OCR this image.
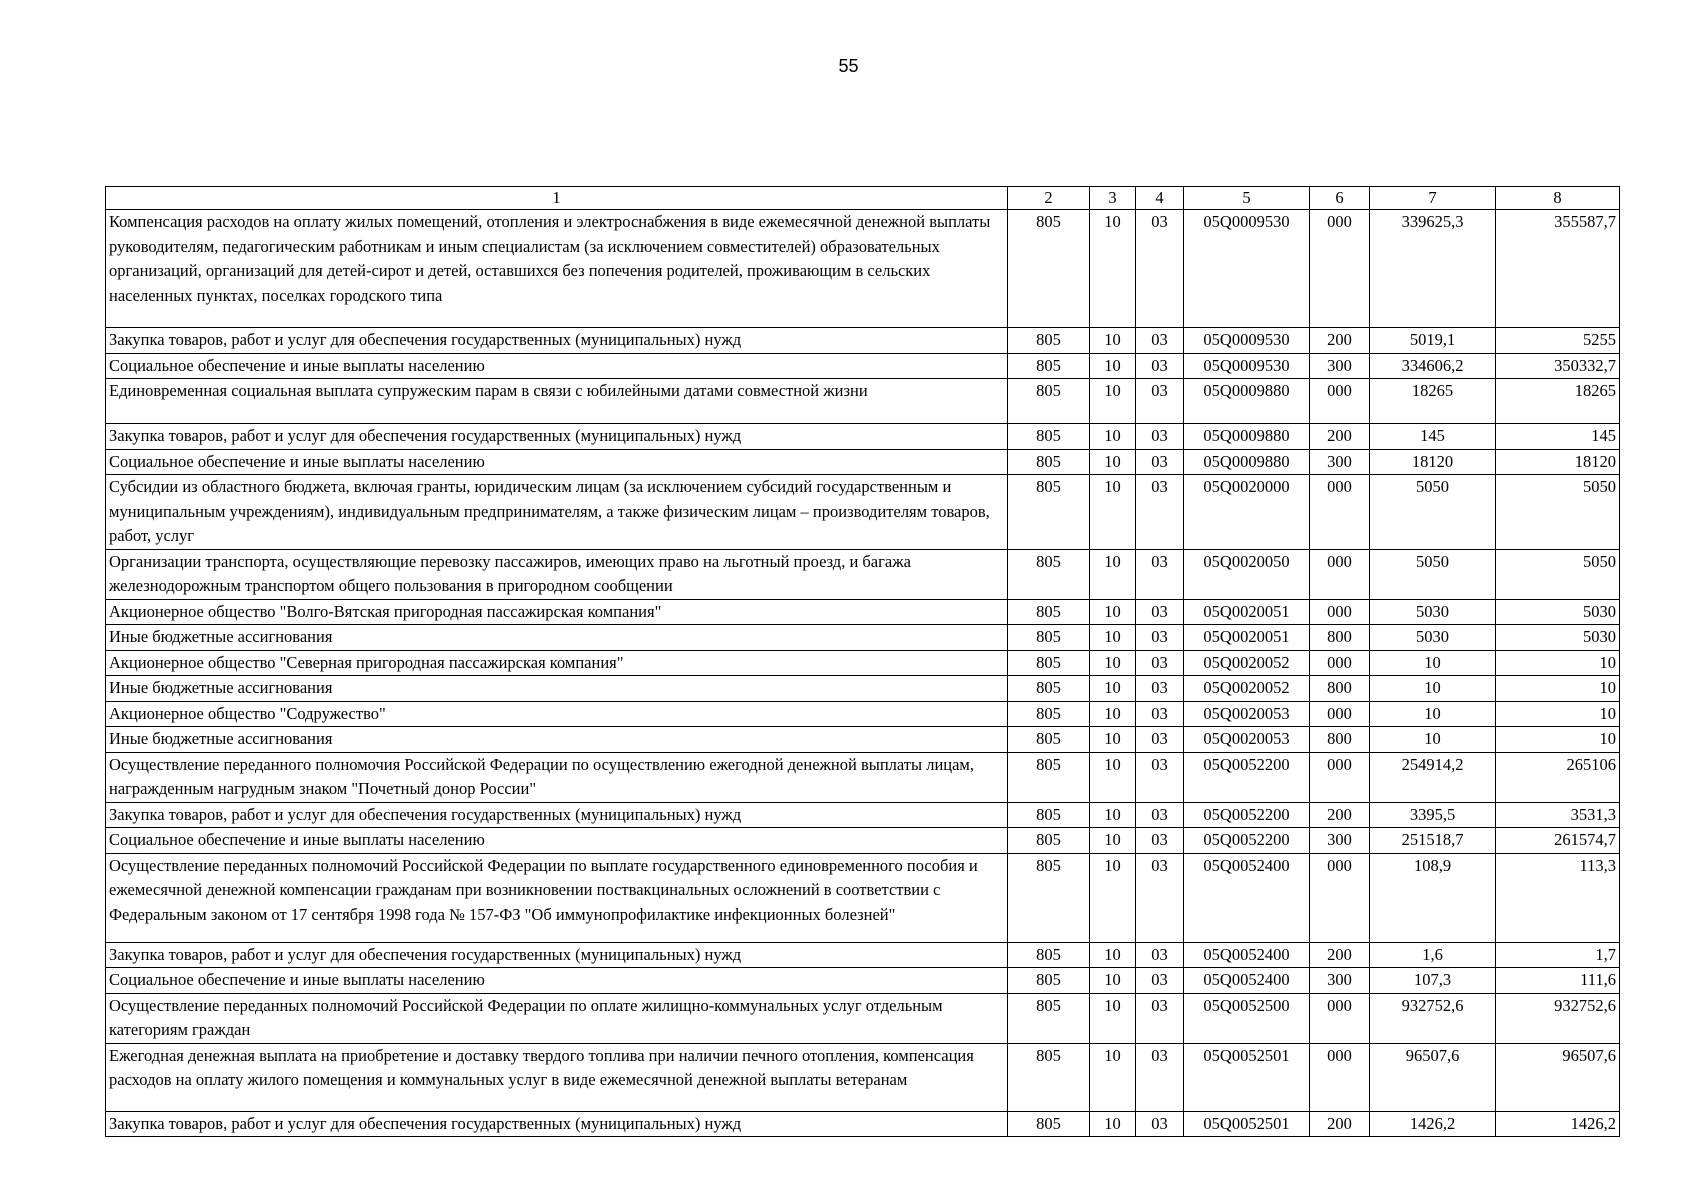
55
1	2	3	4	5	6	7	8
Компенсация расходов на оплату жилых помещений, отопления и электроснабжения в виде ежемесячной денежной выплаты руководителям, педагогическим работникам и иным специалистам (за исключением совместителей) образовательных организаций, организаций для детей-сирот и детей, оставшихся без попечения родителей, проживающим в сельских населенных пунктах, поселках городского типа	805	10	03	05Q0009530	000	339625,3	355587,7
Закупка товаров, работ и услуг для обеспечения государственных (муниципальных) нужд	805	10	03	05Q0009530	200	5019,1	5255
Социальное обеспечение и иные выплаты населению	805	10	03	05Q0009530	300	334606,2	350332,7
Единовременная социальная выплата супружеским парам в связи с юбилейными датами совместной жизни	805	10	03	05Q0009880	000	18265	18265
Закупка товаров, работ и услуг для обеспечения государственных (муниципальных) нужд	805	10	03	05Q0009880	200	145	145
Социальное обеспечение и иные выплаты населению	805	10	03	05Q0009880	300	18120	18120
Субсидии из областного бюджета, включая гранты, юридическим лицам (за исключением субсидий государственным и муниципальным учреждениям), индивидуальным предпринимателям, а также физическим лицам – производителям товаров, работ, услуг	805	10	03	05Q0020000	000	5050	5050
Организации транспорта, осуществляющие перевозку пассажиров, имеющих право на льготный проезд, и багажа железнодорожным транспортом общего пользования в пригородном сообщении	805	10	03	05Q0020050	000	5050	5050
Акционерное общество "Волго-Вятская пригородная пассажирская компания"	805	10	03	05Q0020051	000	5030	5030
Иные бюджетные ассигнования	805	10	03	05Q0020051	800	5030	5030
Акционерное общество "Северная пригородная пассажирская компания"	805	10	03	05Q0020052	000	10	10
Иные бюджетные ассигнования	805	10	03	05Q0020052	800	10	10
Акционерное общество "Содружество"	805	10	03	05Q0020053	000	10	10
Иные бюджетные ассигнования	805	10	03	05Q0020053	800	10	10
Осуществление переданного полномочия Российской Федерации по осуществлению ежегодной денежной выплаты лицам, награжденным нагрудным знаком "Почетный донор России"	805	10	03	05Q0052200	000	254914,2	265106
Закупка товаров, работ и услуг для обеспечения государственных (муниципальных) нужд	805	10	03	05Q0052200	200	3395,5	3531,3
Социальное обеспечение и иные выплаты населению	805	10	03	05Q0052200	300	251518,7	261574,7
Осуществление переданных полномочий Российской Федерации по выплате государственного единовременного пособия и ежемесячной денежной компенсации гражданам при возникновении поствакцинальных осложнений в соответствии с Федеральным законом от 17 сентября 1998 года № 157-ФЗ "Об иммунопрофилактике инфекционных болезней"	805	10	03	05Q0052400	000	108,9	113,3
Закупка товаров, работ и услуг для обеспечения государственных (муниципальных) нужд	805	10	03	05Q0052400	200	1,6	1,7
Социальное обеспечение и иные выплаты населению	805	10	03	05Q0052400	300	107,3	111,6
Осуществление переданных полномочий Российской Федерации по оплате жилищно-коммунальных услуг отдельным категориям граждан	805	10	03	05Q0052500	000	932752,6	932752,6
Ежегодная денежная выплата на приобретение и доставку твердого топлива при наличии печного отопления, компенсация расходов на оплату жилого помещения и коммунальных услуг в виде ежемесячной денежной выплаты ветеранам	805	10	03	05Q0052501	000	96507,6	96507,6
Закупка товаров, работ и услуг для обеспечения государственных (муниципальных) нужд	805	10	03	05Q0052501	200	1426,2	1426,2
